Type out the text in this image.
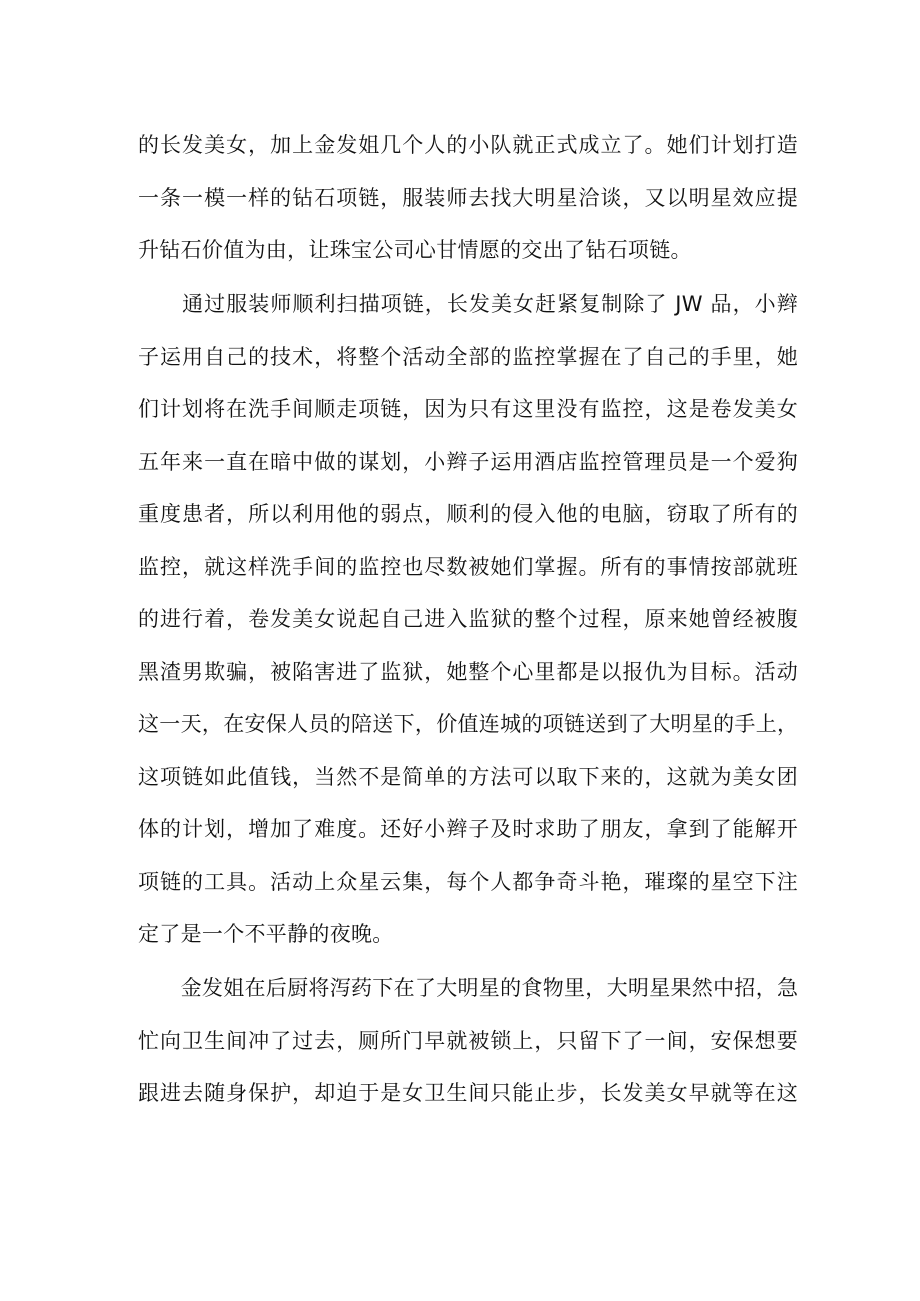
的长发美女，加上金发姐几个人的小队就正式成立了。她们计划打造
一条一模一样的钻石项链，服装师去找大明星洽谈，又以明星效应提
升钻石价值为由，让珠宝公司心甘情愿的交出了钻石项链。
　　通过服装师顺利扫描项链，长发美女赶紧复制除了 JW 品，小辫
子运用自己的技术，将整个活动全部的监控掌握在了自己的手里，她
们计划将在洗手间顺走项链，因为只有这里没有监控，这是卷发美女
五年来一直在暗中做的谋划，小辫子运用酒店监控管理员是一个爱狗
重度患者，所以利用他的弱点，顺利的侵入他的电脑，窃取了所有的
监控，就这样洗手间的监控也尽数被她们掌握。所有的事情按部就班
的进行着，卷发美女说起自己进入监狱的整个过程，原来她曾经被腹
黑渣男欺骗，被陷害进了监狱，她整个心里都是以报仇为目标。活动
这一天，在安保人员的陪送下，价值连城的项链送到了大明星的手上，
这项链如此值钱，当然不是简单的方法可以取下来的，这就为美女团
体的计划，增加了难度。还好小辫子及时求助了朋友，拿到了能解开
项链的工具。活动上众星云集，每个人都争奇斗艳，璀璨的星空下注
定了是一个不平静的夜晚。
　　金发姐在后厨将泻药下在了大明星的食物里，大明星果然中招，急
忙向卫生间冲了过去，厕所门早就被锁上，只留下了一间，安保想要
跟进去随身保护，却迫于是女卫生间只能止步，长发美女早就等在这
